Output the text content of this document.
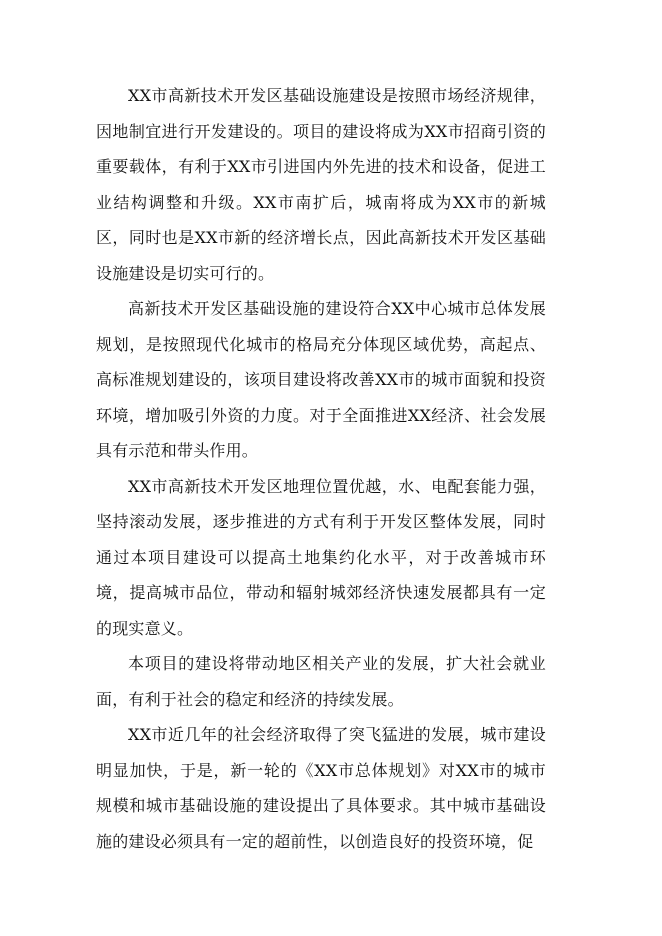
XX市高新技术开发区基础设施建设是按照市场经济规律，因地制宜进行开发建设的。项目的建设将成为XX市招商引资的重要载体，有利于XX市引进国内外先进的技术和设备，促进工业结构调整和升级。XX市南扩后，城南将成为XX市的新城区，同时也是XX市新的经济增长点，因此高新技术开发区基础设施建设是切实可行的。

高新技术开发区基础设施的建设符合XX中心城市总体发展规划，是按照现代化城市的格局充分体现区域优势，高起点、高标准规划建设的，该项目建设将改善XX市的城市面貌和投资环境，增加吸引外资的力度。对于全面推进XX经济、社会发展具有示范和带头作用。

XX市高新技术开发区地理位置优越，水、电配套能力强，坚持滚动发展，逐步推进的方式有利于开发区整体发展，同时通过本项目建设可以提高土地集约化水平，对于改善城市环境，提高城市品位，带动和辐射城郊经济快速发展都具有一定的现实意义。

本项目的建设将带动地区相关产业的发展，扩大社会就业面，有利于社会的稳定和经济的持续发展。

XX市近几年的社会经济取得了突飞猛进的发展，城市建设明显加快，于是，新一轮的《XX市总体规划》对XX市的城市规模和城市基础设施的建设提出了具体要求。其中城市基础设施的建设必须具有一定的超前性，以创造良好的投资环境，促
